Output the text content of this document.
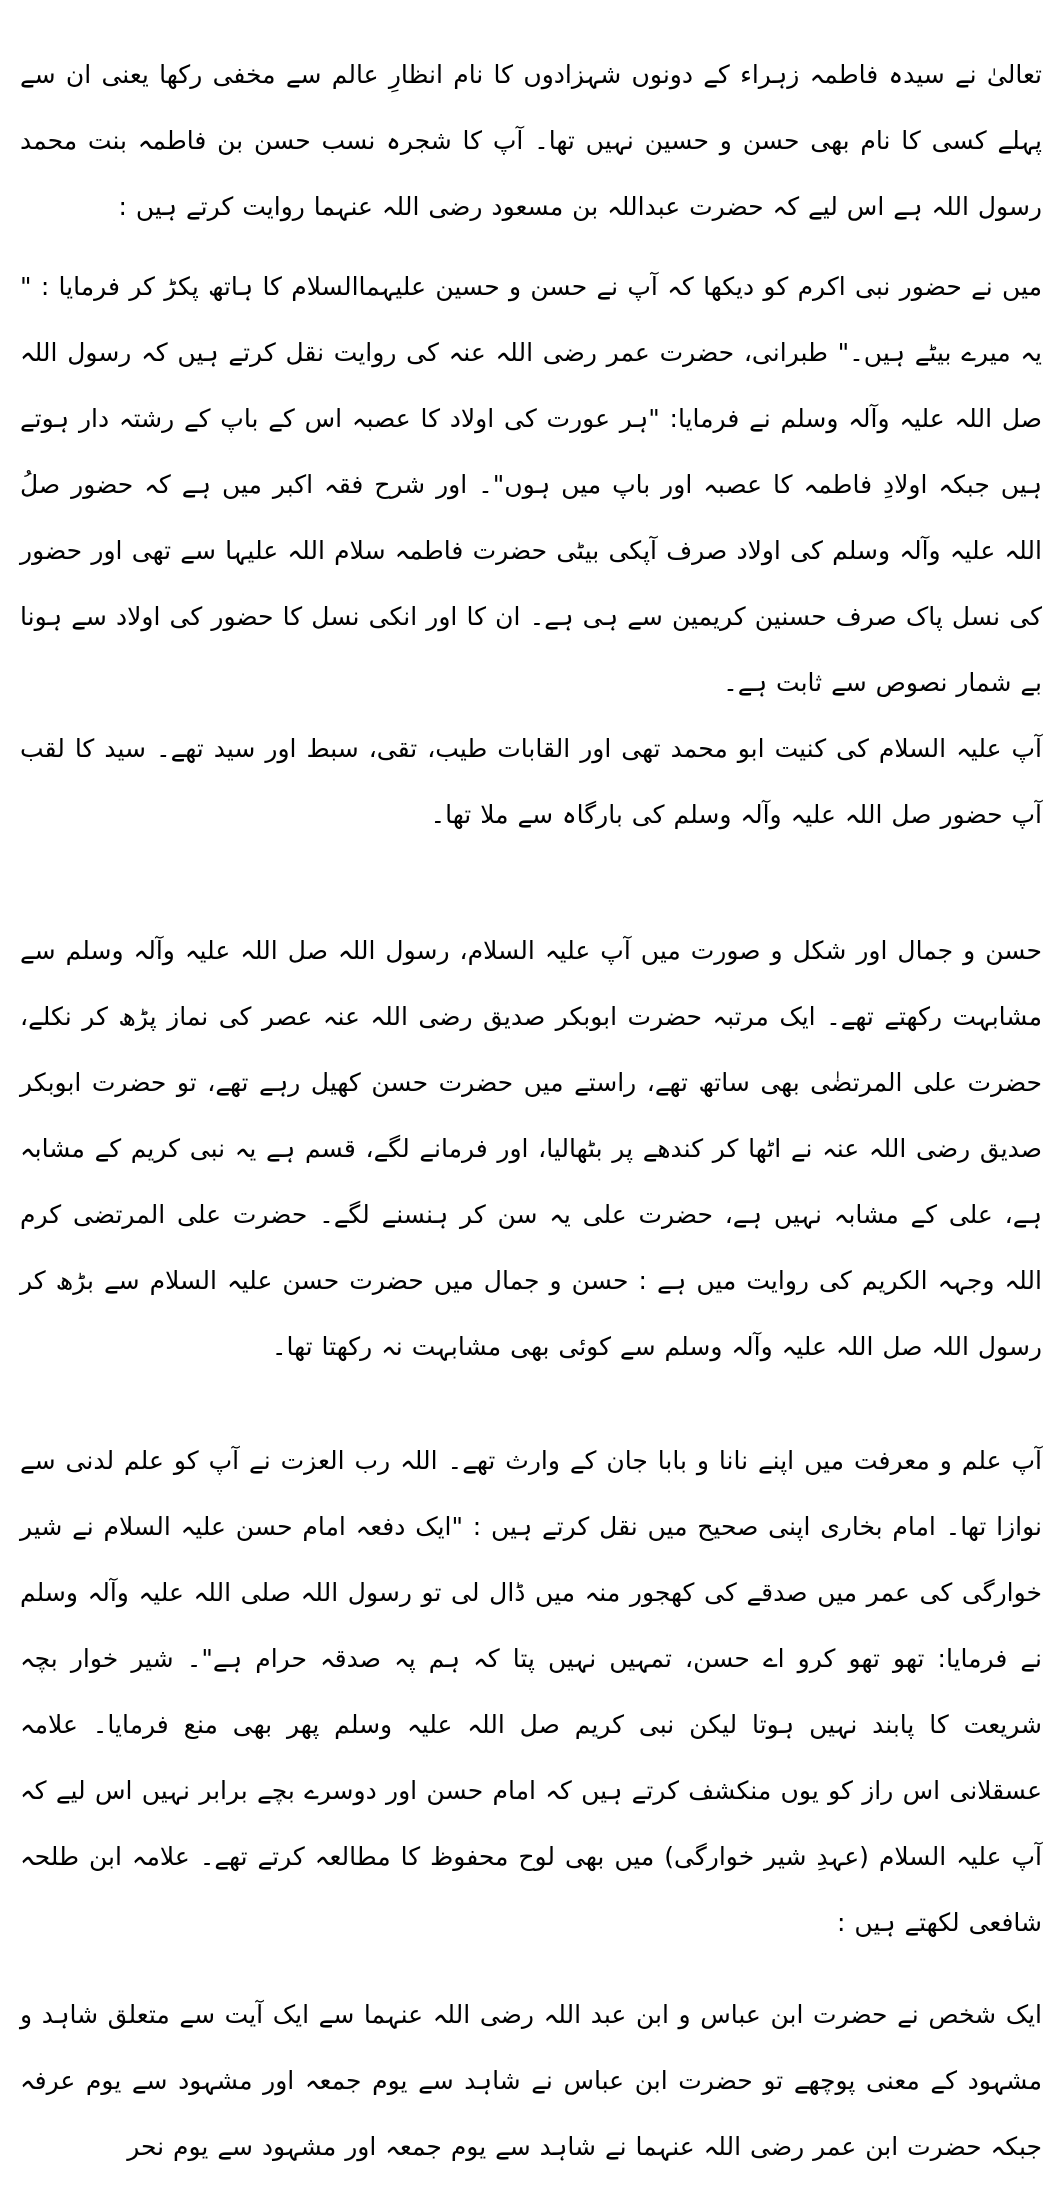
تعالیٰ نے سیدہ فاطمہ زہراء کے دونوں شہزادوں کا نام انظارِ عالم سے مخفی رکھا یعنی ان سے پہلے کسی کا نام بھی حسن و حسین نہیں تھا۔ آپ کا شجرہ نسب حسن بن فاطمہ بنت محمد رسول اللہ ہے اس لیے کہ حضرت عبداللہ بن مسعود رضی اللہ عنہما روایت کرتے ہیں :

میں نے حضور نبی اکرم کو دیکھا کہ آپ نے حسن و حسین علیہماالسلام کا ہاتھ پکڑ کر فرمایا : " یہ میرے بیٹے ہیں۔" طبرانی، حضرت عمر رضی اللہ عنہ کی روایت نقل کرتے ہیں کہ رسول اللہ صل اللہ علیہ وآلہ وسلم نے فرمایا: "ہر عورت کی اولاد کا عصبہ اس کے باپ کے رشتہ دار ہوتے ہیں جبکہ اولادِ فاطمہ کا عصبہ اور باپ میں ہوں"۔ اور شرح فقہ اکبر میں ہے کہ حضور صلُ اللہ علیہ وآلہ وسلم کی اولاد صرف آپکی بیٹی حضرت فاطمہ سلام اللہ علیہا سے تھی اور حضور کی نسل پاک صرف حسنین کریمین سے ہی ہے۔ ان کا اور انکی نسل کا حضور کی اولاد سے ہونا بے شمار نصوص سے ثابت ہے۔

آپ علیہ السلام کی کنیت ابو محمد تھی اور القابات طیب، تقی، سبط اور سید تھے۔ سید کا لقب آپ حضور صل اللہ علیہ وآلہ وسلم کی بارگاہ سے ملا تھا۔

حسن و جمال اور شکل و صورت میں آپ علیہ السلام، رسول اللہ صل اللہ علیہ وآلہ وسلم سے مشابہت رکھتے تھے۔ ایک مرتبہ حضرت ابوبکر صدیق رضی اللہ عنہ عصر کی نماز پڑھ کر نکلے، حضرت علی المرتضٰی بھی ساتھ تھے، راستے میں حضرت حسن کھیل رہے تھے، تو حضرت ابوبکر صدیق رضی اللہ عنہ نے اٹھا کر کندھے پر بٹھالیا، اور فرمانے لگے، قسم ہے یہ نبی کریم کے مشابہ ہے، علی کے مشابہ نہیں ہے، حضرت علی یہ سن کر ہنسنے لگے۔ حضرت علی المرتضی کرم اللہ وجہہ الکریم کی روایت میں ہے : حسن و جمال میں حضرت حسن علیہ السلام سے بڑھ کر رسول اللہ صل اللہ علیہ وآلہ وسلم سے کوئی بھی مشابہت نہ رکھتا تھا۔

آپ علم و معرفت میں اپنے نانا و بابا جان کے وارث تھے۔ اللہ رب العزت نے آپ کو علم لدنی سے نوازا تھا۔ امام بخاری اپنی صحیح میں نقل کرتے ہیں : "ایک دفعہ امام حسن علیہ السلام نے شیر خوارگی کی عمر میں صدقے کی کھجور منہ میں ڈال لی تو رسول اللہ صلی اللہ علیہ وآلہ وسلم نے فرمایا: تھو تھو کرو اے حسن، تمہیں نہیں پتا کہ ہم پہ صدقہ حرام ہے"۔ شیر خوار بچہ شریعت کا پابند نہیں ہوتا لیکن نبی کریم صل اللہ علیہ وسلم پھر بھی منع فرمایا۔ علامہ عسقلانی اس راز کو یوں منکشف کرتے ہیں کہ امام حسن اور دوسرے بچے برابر نہیں اس لیے کہ آپ علیہ السلام (عہدِ شیر خوارگی) میں بھی لوح محفوظ کا مطالعہ کرتے تھے۔ علامہ ابن طلحہ شافعی لکھتے ہیں :

ایک شخص نے حضرت ابن عباس و ابن عبد اللہ رضی اللہ عنہما سے ایک آیت سے متعلق شاہد و مشہود کے معنی پوچھے تو حضرت ابن عباس نے شاہد سے یوم جمعہ اور مشہود سے یوم عرفہ جبکہ حضرت ابن عمر رضی اللہ عنہما نے شاہد سے یوم جمعہ اور مشہود سے یوم نحر
